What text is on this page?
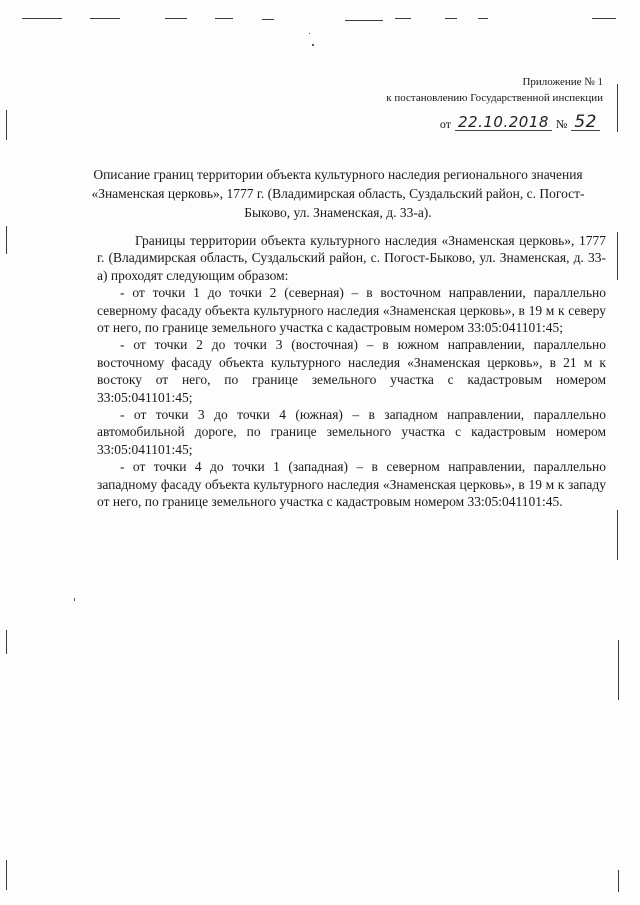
Приложение № 1
к постановлению Государственной инспекции
от 22.10.2018 № 52
Описание границ территории объекта культурного наследия регионального значения «Знаменская церковь», 1777 г. (Владимирская область, Суздальский район, с. Погост-Быково, ул. Знаменская, д. 33-а).

Границы территории объекта культурного наследия «Знаменская церковь», 1777 г. (Владимирская область, Суздальский район, с. Погост-Быково, ул. Знаменская, д. 33-а) проходят следующим образом:

- от точки 1 до точки 2 (северная) – в восточном направлении, параллельно северному фасаду объекта культурного наследия «Знаменская церковь», в 19 м к северу от него, по границе земельного участка с кадастровым номером 33:05:041101:45;

- от точки 2 до точки 3 (восточная) – в южном направлении, параллельно восточному фасаду объекта культурного наследия «Знаменская церковь», в 21 м к востоку от него, по границе земельного участка с кадастровым номером 33:05:041101:45;

- от точки 3 до точки 4 (южная) – в западном направлении, параллельно автомобильной дороге, по границе земельного участка с кадастровым номером 33:05:041101:45;

- от точки 4 до точки 1 (западная) – в северном направлении, параллельно западному фасаду объекта культурного наследия «Знаменская церковь», в 19 м к западу от него, по границе земельного участка с кадастровым номером 33:05:041101:45.
